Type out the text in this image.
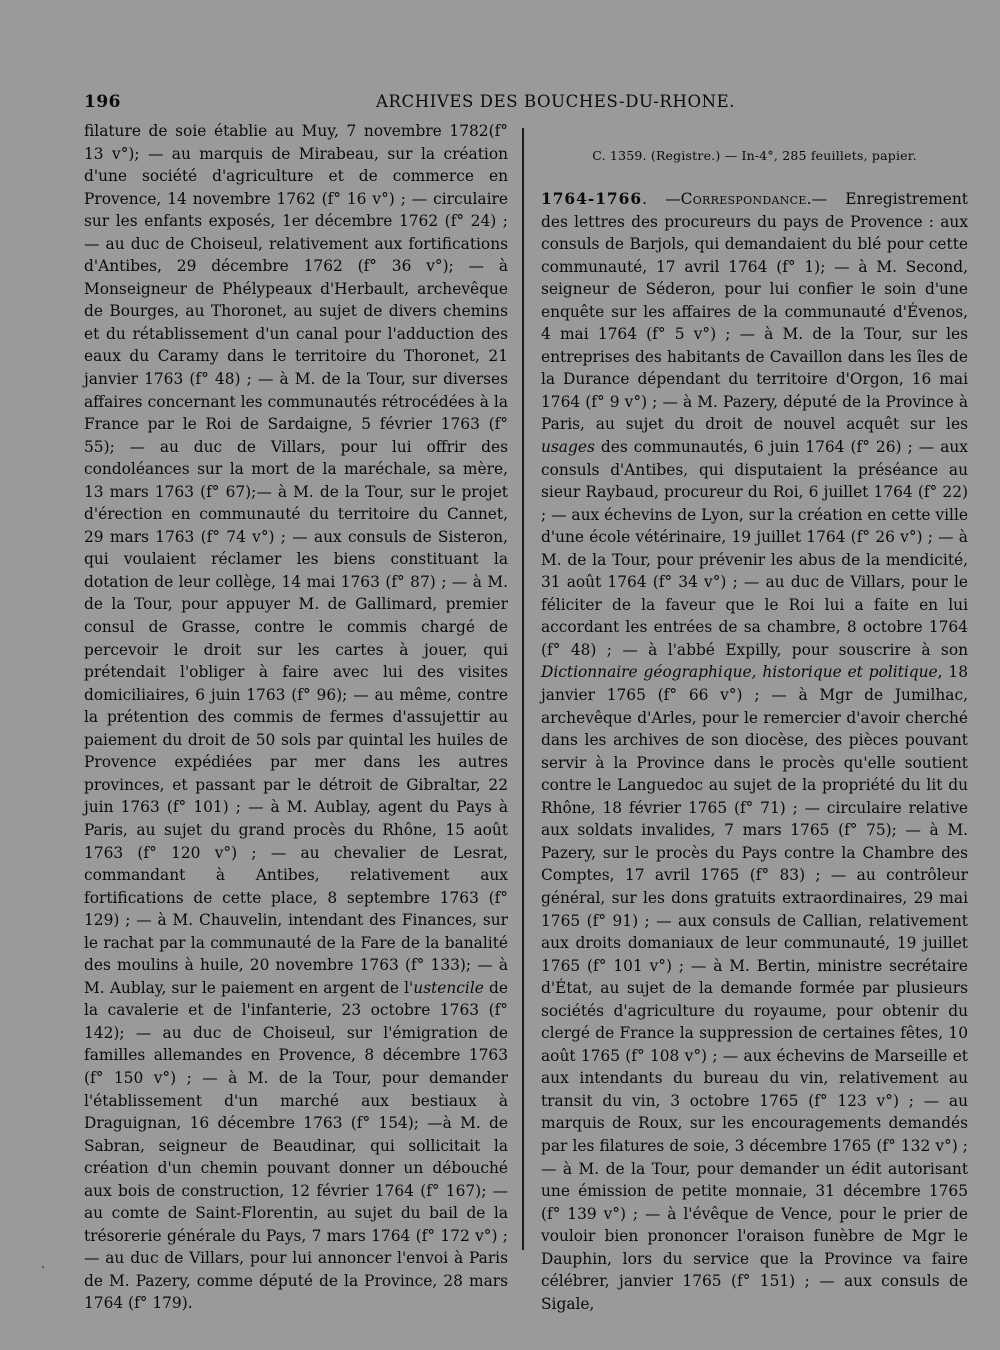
196	ARCHIVES DES BOUCHES-DU-RHONE.

filature de soie établie au Muy, 7 novembre 1782(f° 13 v°); — au marquis de Mirabeau, sur la création d'une société d'agriculture et de commerce en Provence, 14 novembre 1762 (f° 16 v°) ; — circulaire sur les enfants exposés, 1er décembre 1762 (f° 24) ; — au duc de Choiseul, relativement aux fortifications d'Antibes, 29 décembre 1762 (f° 36 v°); — à Monseigneur de Phélypeaux d'Herbault, archevêque de Bourges, au Thoronet, au sujet de divers chemins et du rétablissement d'un canal pour l'adduction des eaux du Caramy dans le territoire du Thoronet, 21 janvier 1763 (f° 48) ; — à M. de la Tour, sur diverses affaires concernant les communautés rétrocédées à la France par le Roi de Sardaigne, 5 février 1763 (f° 55); — au duc de Villars, pour lui offrir des condoléances sur la mort de la maréchale, sa mère, 13 mars 1763 (f° 67);— à M. de la Tour, sur le projet d'érection en communauté du territoire du Cannet, 29 mars 1763 (f° 74 v°) ; — aux consuls de Sisteron, qui voulaient réclamer les biens constituant la dotation de leur collège, 14 mai 1763 (f° 87) ; — à M. de la Tour, pour appuyer M. de Gallimard, premier consul de Grasse, contre le commis chargé de percevoir le droit sur les cartes à jouer, qui prétendait l'obliger à faire avec lui des visites domiciliaires, 6 juin 1763 (f° 96); — au même, contre la prétention des commis de fermes d'assujettir au paiement du droit de 50 sols par quintal les huiles de Provence expédiées par mer dans les autres provinces, et passant par le détroit de Gibraltar, 22 juin 1763 (f° 101) ; — à M. Aublay, agent du Pays à Paris, au sujet du grand procès du Rhône, 15 août 1763 (f° 120 v°) ; — au chevalier de Lesrat, commandant à Antibes, relativement aux fortifications de cette place, 8 septembre 1763 (f° 129) ; — à M. Chauvelin, intendant des Finances, sur le rachat par la communauté de la Fare de la banalité des moulins à huile, 20 novembre 1763 (f° 133); — à M. Aublay, sur le paiement en argent de l'ustencile de la cavalerie et de l'infanterie, 23 octobre 1763 (f° 142); — au duc de Choiseul, sur l'émigration de familles allemandes en Provence, 8 décembre 1763 (f° 150 v°) ; — à M. de la Tour, pour demander l'établissement d'un marché aux bestiaux à Draguignan, 16 décembre 1763 (f° 154); —à M. de Sabran, seigneur de Beaudinar, qui sollicitait la création d'un chemin pouvant donner un débouché aux bois de construction, 12 février 1764 (f° 167); — au comte de Saint-Florentin, au sujet du bail de la trésorerie générale du Pays, 7 mars 1764 (f° 172 v°) ; — au duc de Villars, pour lui annoncer l'envoi à Paris de M. Pazery, comme député de la Province, 28 mars 1764 (f° 179).

C. 1359. (Registre.) — In-4°, 285 feuillets, papier.

1764-1766. —Correspondance.— Enregistrement des lettres des procureurs du pays de Provence : aux consuls de Barjols, qui demandaient du blé pour cette communauté, 17 avril 1764 (f° 1); — à M. Second, seigneur de Séderon, pour lui confier le soin d'une enquête sur les affaires de la communauté d'Évenos, 4 mai 1764 (f° 5 v°) ; — à M. de la Tour, sur les entreprises des habitants de Cavaillon dans les îles de la Durance dépendant du territoire d'Orgon, 16 mai 1764 (f° 9 v°) ; — à M. Pazery, député de la Province à Paris, au sujet du droit de nouvel acquêt sur les usages des communautés, 6 juin 1764 (f° 26) ; — aux consuls d'Antibes, qui disputaient la préséance au sieur Raybaud, procureur du Roi, 6 juillet 1764 (f° 22) ; — aux échevins de Lyon, sur la création en cette ville d'une école vétérinaire, 19 juillet 1764 (f° 26 v°) ; — à M. de la Tour, pour prévenir les abus de la mendicité, 31 août 1764 (f° 34 v°) ; — au duc de Villars, pour le féliciter de la faveur que le Roi lui a faite en lui accordant les entrées de sa chambre, 8 octobre 1764 (f° 48) ; — à l'abbé Expilly, pour souscrire à son Dictionnaire géographique, historique et politique, 18 janvier 1765 (f° 66 v°) ; — à Mgr de Jumilhac, archevêque d'Arles, pour le remercier d'avoir cherché dans les archives de son diocèse, des pièces pouvant servir à la Province dans le procès qu'elle soutient contre le Languedoc au sujet de la propriété du lit du Rhône, 18 février 1765 (f° 71) ; — circulaire relative aux soldats invalides, 7 mars 1765 (f° 75); — à M. Pazery, sur le procès du Pays contre la Chambre des Comptes, 17 avril 1765 (f° 83) ; — au contrôleur général, sur les dons gratuits extraordinaires, 29 mai 1765 (f° 91) ; — aux consuls de Callian, relativement aux droits domaniaux de leur communauté, 19 juillet 1765 (f° 101 v°) ; — à M. Bertin, ministre secrétaire d'État, au sujet de la demande formée par plusieurs sociétés d'agriculture du royaume, pour obtenir du clergé de France la suppression de certaines fêtes, 10 août 1765 (f° 108 v°) ; — aux échevins de Marseille et aux intendants du bureau du vin, relativement au transit du vin, 3 octobre 1765 (f° 123 v°) ; — au marquis de Roux, sur les encouragements demandés par les filatures de soie, 3 décembre 1765 (f° 132 v°) ; — à M. de la Tour, pour demander un édit autorisant une émission de petite monnaie, 31 décembre 1765 (f° 139 v°) ; — à l'évêque de Vence, pour le prier de vouloir bien prononcer l'oraison funèbre de Mgr le Dauphin, lors du service que la Province va faire célébrer, janvier 1765 (f° 151) ; — aux consuls de Sigale,
